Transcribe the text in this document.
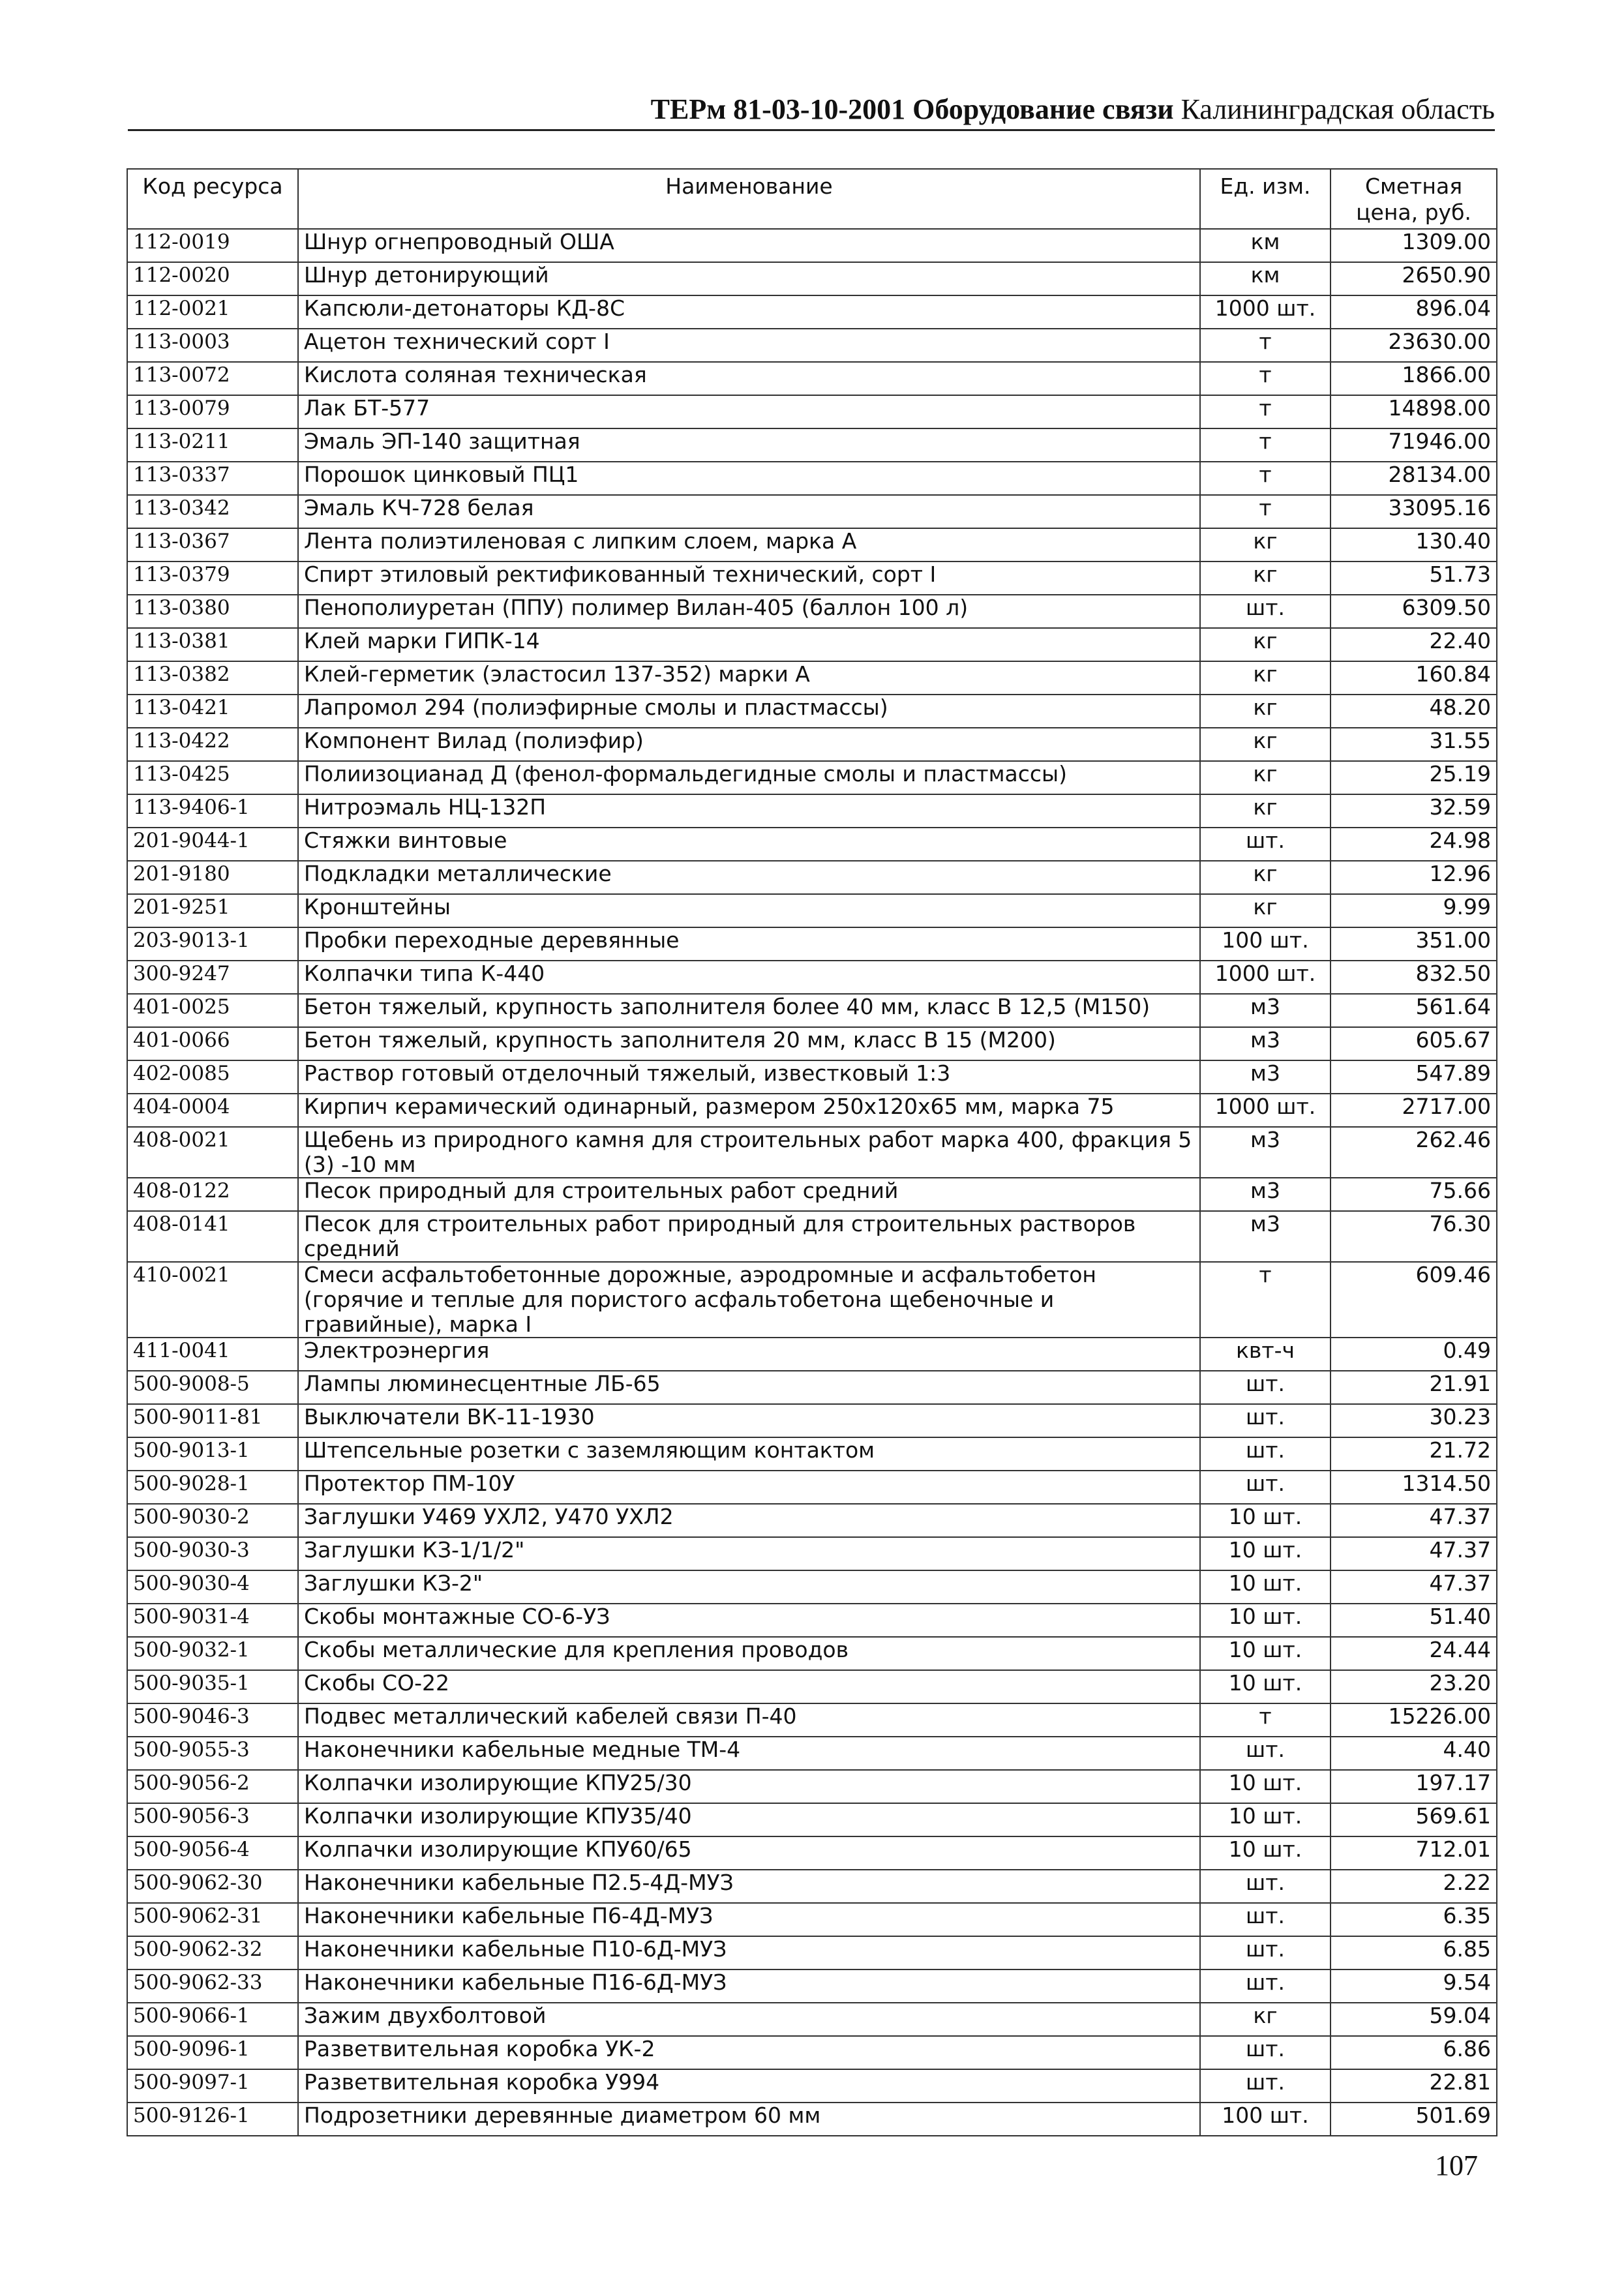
ТЕРм 81-03-10-2001 Оборудование связи Калининградская область
Код ресурса	Наименование	Ед. изм.	Сметная цена, руб.
112-0019	Шнур огнепроводный ОША	км	1309.00
112-0020	Шнур детонирующий	км	2650.90
112-0021	Капсюли-детонаторы КД-8С	1000 шт.	896.04
113-0003	Ацетон технический сорт I	т	23630.00
113-0072	Кислота соляная техническая	т	1866.00
113-0079	Лак БТ-577	т	14898.00
113-0211	Эмаль ЭП-140 защитная	т	71946.00
113-0337	Порошок цинковый ПЦ1	т	28134.00
113-0342	Эмаль КЧ-728 белая	т	33095.16
113-0367	Лента полиэтиленовая с липким слоем, марка А	кг	130.40
113-0379	Спирт этиловый ректификованный технический, сорт I	кг	51.73
113-0380	Пенополиуретан (ППУ) полимер Вилан-405 (баллон 100 л)	шт.	6309.50
113-0381	Клей марки ГИПК-14	кг	22.40
113-0382	Клей-герметик (эластосил 137-352) марки А	кг	160.84
113-0421	Лапромол 294 (полиэфирные смолы и пластмассы)	кг	48.20
113-0422	Компонент Вилад (полиэфир)	кг	31.55
113-0425	Полиизоцианад Д (фенол-формальдегидные смолы и пластмассы)	кг	25.19
113-9406-1	Нитроэмаль НЦ-132П	кг	32.59
201-9044-1	Стяжки винтовые	шт.	24.98
201-9180	Подкладки металлические	кг	12.96
201-9251	Кронштейны	кг	9.99
203-9013-1	Пробки переходные деревянные	100 шт.	351.00
300-9247	Колпачки типа К-440	1000 шт.	832.50
401-0025	Бетон тяжелый, крупность заполнителя более 40 мм, класс В 12,5 (М150)	м3	561.64
401-0066	Бетон тяжелый, крупность заполнителя 20 мм, класс В 15 (М200)	м3	605.67
402-0085	Раствор готовый отделочный тяжелый, известковый 1:3	м3	547.89
404-0004	Кирпич керамический одинарный, размером 250х120х65 мм, марка 75	1000 шт.	2717.00
408-0021	Щебень из природного камня для строительных работ марка 400, фракция 5 (3) -10 мм	м3	262.46
408-0122	Песок природный для строительных работ средний	м3	75.66
408-0141	Песок для строительных работ природный для строительных растворов средний	м3	76.30
410-0021	Смеси асфальтобетонные дорожные, аэродромные и асфальтобетон (горячие и теплые для пористого асфальтобетона щебеночные и гравийные), марка I	т	609.46
411-0041	Электроэнергия	квт-ч	0.49
500-9008-5	Лампы люминесцентные ЛБ-65	шт.	21.91
500-9011-81	Выключатели ВК-11-1930	шт.	30.23
500-9013-1	Штепсельные розетки с заземляющим контактом	шт.	21.72
500-9028-1	Протектор ПМ-10У	шт.	1314.50
500-9030-2	Заглушки У469 УХЛ2, У470 УХЛ2	10 шт.	47.37
500-9030-3	Заглушки КЗ-1/1/2"	10 шт.	47.37
500-9030-4	Заглушки КЗ-2"	10 шт.	47.37
500-9031-4	Скобы монтажные СО-6-УЗ	10 шт.	51.40
500-9032-1	Скобы металлические для крепления проводов	10 шт.	24.44
500-9035-1	Скобы СО-22	10 шт.	23.20
500-9046-3	Подвес металлический кабелей связи П-40	т	15226.00
500-9055-3	Наконечники кабельные медные ТМ-4	шт.	4.40
500-9056-2	Колпачки изолирующие КПУ25/30	10 шт.	197.17
500-9056-3	Колпачки изолирующие КПУ35/40	10 шт.	569.61
500-9056-4	Колпачки изолирующие КПУ60/65	10 шт.	712.01
500-9062-30	Наконечники кабельные П2.5-4Д-МУЗ	шт.	2.22
500-9062-31	Наконечники кабельные П6-4Д-МУЗ	шт.	6.35
500-9062-32	Наконечники кабельные П10-6Д-МУЗ	шт.	6.85
500-9062-33	Наконечники кабельные П16-6Д-МУЗ	шт.	9.54
500-9066-1	Зажим двухболтовой	кг	59.04
500-9096-1	Разветвительная коробка УК-2	шт.	6.86
500-9097-1	Разветвительная коробка У994	шт.	22.81
500-9126-1	Подрозетники деревянные диаметром 60 мм	100 шт.	501.69
107
